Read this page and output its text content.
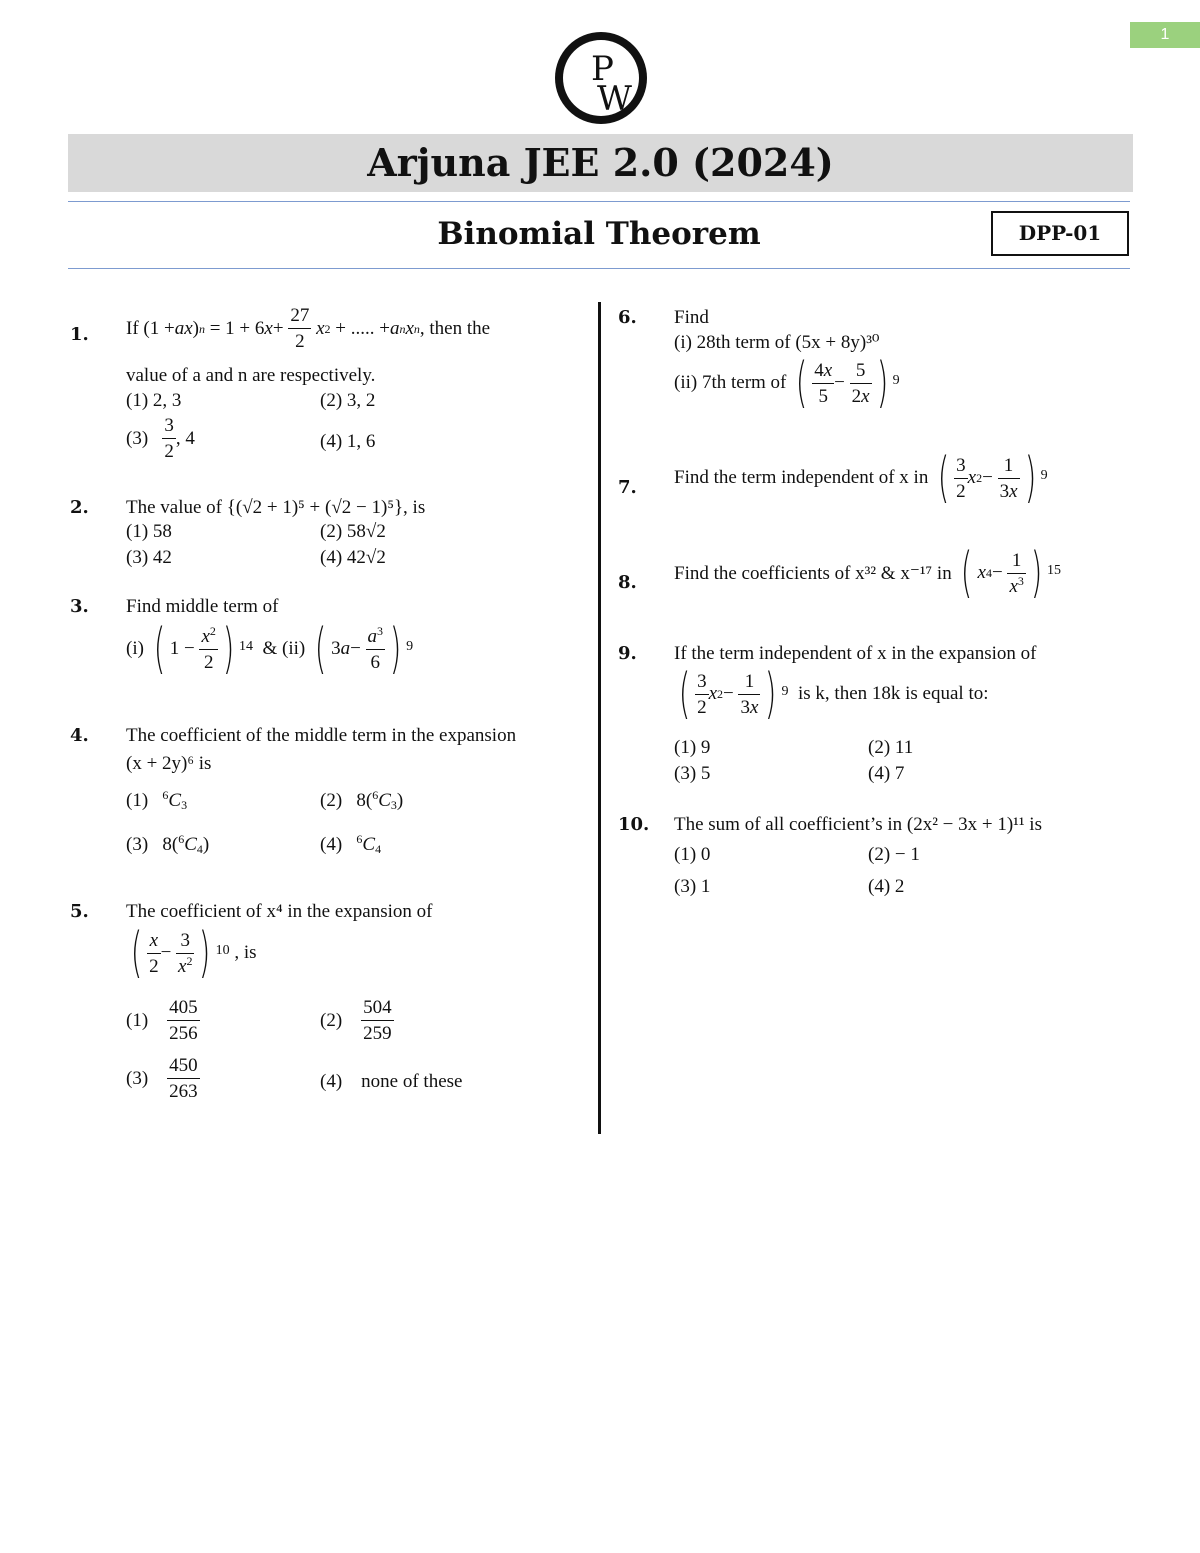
1
P
W
Arjuna JEE 2.0 (2024)
Binomial Theorem	DPP-01
1. If (1 + ax ) n = 1 + 6 $x + \frac{27}{2}$
x 2 + ..... + a n x n , then the
value of a and n are respectively.
(1) 2, 3	(2) 3, 2
(3)
$\frac{3}{2}$ , 4	(4) 1, 6
2. The value of {(√2 + 1)⁵ + (√2 − 1)⁵}, is
(1) 58	(2) 58√2
(3) 42	(4) 42√2
3. Find middle term of
(i)
( $1 - \frac{x^2}{2}$ ) 14
& (ii)
( 3 $a - \frac{a^3}{6}$ ) 9
4. The coefficient of the middle term in the expansion
(x + 2y)⁶ is
(1) $^6C_3$	(2)   $8(^6C_3)$
(3)   $8(^6C_4)$	(4) $^6C_4$
5. The coefficient of x⁴ in the expansion of
( $\frac{x}{2} - \frac{3}{x^2}$ ) 10
, is
(1)
$\frac{405}{256}$	(2)
$\frac{504}{259}$
(3)
$\frac{450}{263}$	(4) none of these
6. Find
(i) 28th term of (5x + 8y)³⁰
(ii) 7th term of
( $\frac{4x}{5} - \frac{5}{2x}$ ) 9
7. Find the term independent of x in
( $\frac{3}{2}$ x $2 - \frac{1}{3x}$ ) 9
8. Find the coefficients of x³² & x⁻¹⁷ in
( x $4 - \frac{1}{x^3}$ ) 15
9. If the term independent of x in the expansion of
( $\frac{3}{2}$ x $2 - \frac{1}{3x}$ ) 9
is k, then 18k is equal to:
(1) 9	(2) 11
(3) 5	(4) 7
10. The sum of all coefficient’s in (2x² − 3x + 1)¹¹ is
(1) 0	(2) − 1
(3) 1	(4) 2
